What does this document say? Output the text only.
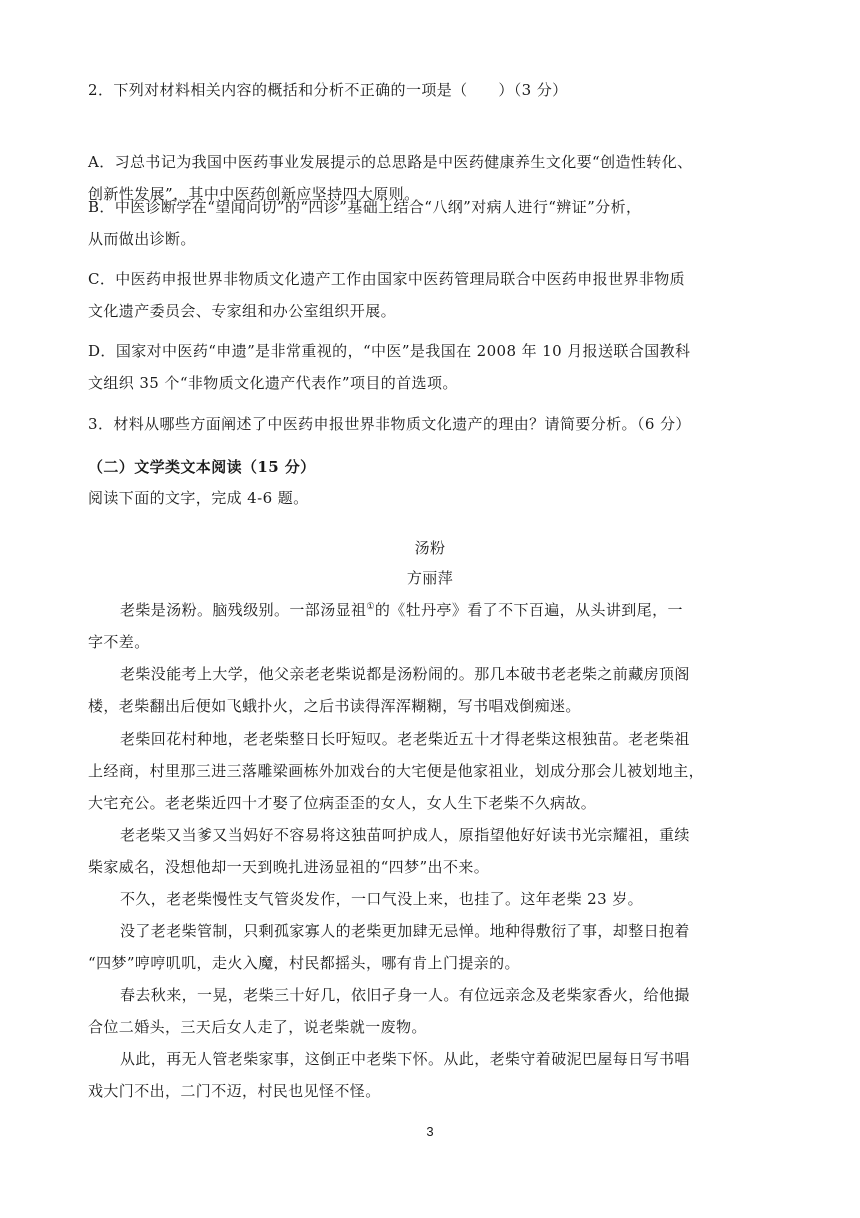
2．下列对材料相关内容的概括和分析不正确的一项是（　　）（3 分）
A．习总书记为我国中医药事业发展提示的总思路是中医药健康养生文化要“创造性转化、
创新性发展”，其中中医药创新应坚持四大原则。
B．中医诊断学在“望闻问切”的“四诊”基础上结合“八纲”对病人进行“辨证”分析，
从而做出诊断。
C．中医药申报世界非物质文化遗产工作由国家中医药管理局联合中医药申报世界非物质
文化遗产委员会、专家组和办公室组织开展。
D．国家对中医药“申遗”是非常重视的，“中医”是我国在 2008 年 10 月报送联合国教科
文组织 35 个“非物质文化遗产代表作”项目的首选项。
3．材料从哪些方面阐述了中医药申报世界非物质文化遗产的理由？请简要分析。（6 分）
（二）文学类文本阅读（15 分）
阅读下面的文字，完成 4-6 题。
汤粉
方丽萍
老柴是汤粉。脑残级别。一部汤显祖①的《牡丹亭》看了不下百遍，从头讲到尾，一
字不差。
老柴没能考上大学，他父亲老老柴说都是汤粉闹的。那几本破书老老柴之前藏房顶阁
楼，老柴翻出后便如飞蛾扑火，之后书读得浑浑糊糊，写书唱戏倒痴迷。
老柴回花村种地，老老柴整日长吁短叹。老老柴近五十才得老柴这根独苗。老老柴祖
上经商，村里那三进三落雕梁画栋外加戏台的大宅便是他家祖业，划成分那会儿被划地主，
大宅充公。老老柴近四十才娶了位病歪歪的女人，女人生下老柴不久病故。
老老柴又当爹又当妈好不容易将这独苗呵护成人，原指望他好好读书光宗耀祖，重续
柴家威名，没想他却一天到晚扎进汤显祖的“四梦”出不来。
不久，老老柴慢性支气管炎发作，一口气没上来，也挂了。这年老柴 23 岁。
没了老老柴管制，只剩孤家寡人的老柴更加肆无忌惮。地种得敷衍了事，却整日抱着
“四梦”哼哼叽叽，走火入魔，村民都摇头，哪有肯上门提亲的。
春去秋来，一晃，老柴三十好几，依旧孑身一人。有位远亲念及老柴家香火，给他撮
合位二婚头，三天后女人走了，说老柴就一废物。
从此，再无人管老柴家事，这倒正中老柴下怀。从此，老柴守着破泥巴屋每日写书唱
戏大门不出，二门不迈，村民也见怪不怪。
3
